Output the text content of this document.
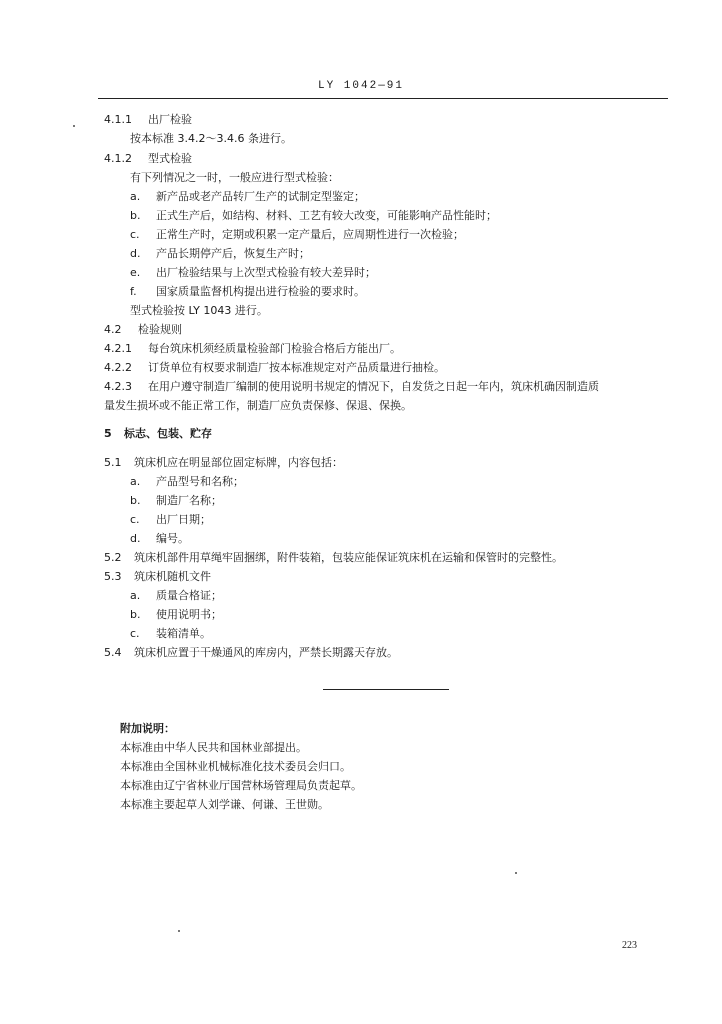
LY 1042—91
4.1.1 出厂检验
按本标准 3.4.2～3.4.6 条进行。
4.1.2 型式检验
有下列情况之一时，一般应进行型式检验：
a. 新产品或老产品转厂生产的试制定型鉴定；
b. 正式生产后，如结构、材料、工艺有较大改变，可能影响产品性能时；
c. 正常生产时，定期或积累一定产量后，应周期性进行一次检验；
d. 产品长期停产后，恢复生产时；
e. 出厂检验结果与上次型式检验有较大差异时；
f. 国家质量监督机构提出进行检验的要求时。
型式检验按 LY 1043 进行。
4.2 检验规则
4.2.1 每台筑床机须经质量检验部门检验合格后方能出厂。
4.2.2 订货单位有权要求制造厂按本标准规定对产品质量进行抽检。
4.2.3 在用户遵守制造厂编制的使用说明书规定的情况下，自发货之日起一年内，筑床机确因制造质
量发生损坏或不能正常工作，制造厂应负责保修、保退、保换。
5 标志、包装、贮存
5.1 筑床机应在明显部位固定标牌，内容包括：
a. 产品型号和名称；
b. 制造厂名称；
c. 出厂日期；
d. 编号。
5.2 筑床机部件用草绳牢固捆绑，附件装箱，包装应能保证筑床机在运输和保管时的完整性。
5.3 筑床机随机文件
a. 质量合格证；
b. 使用说明书；
c. 装箱清单。
5.4 筑床机应置于干燥通风的库房内，严禁长期露天存放。
附加说明：
本标准由中华人民共和国林业部提出。
本标准由全国林业机械标准化技术委员会归口。
本标准由辽宁省林业厅国营林场管理局负责起草。
本标准主要起草人刘学谦、何谦、王世勋。
223
